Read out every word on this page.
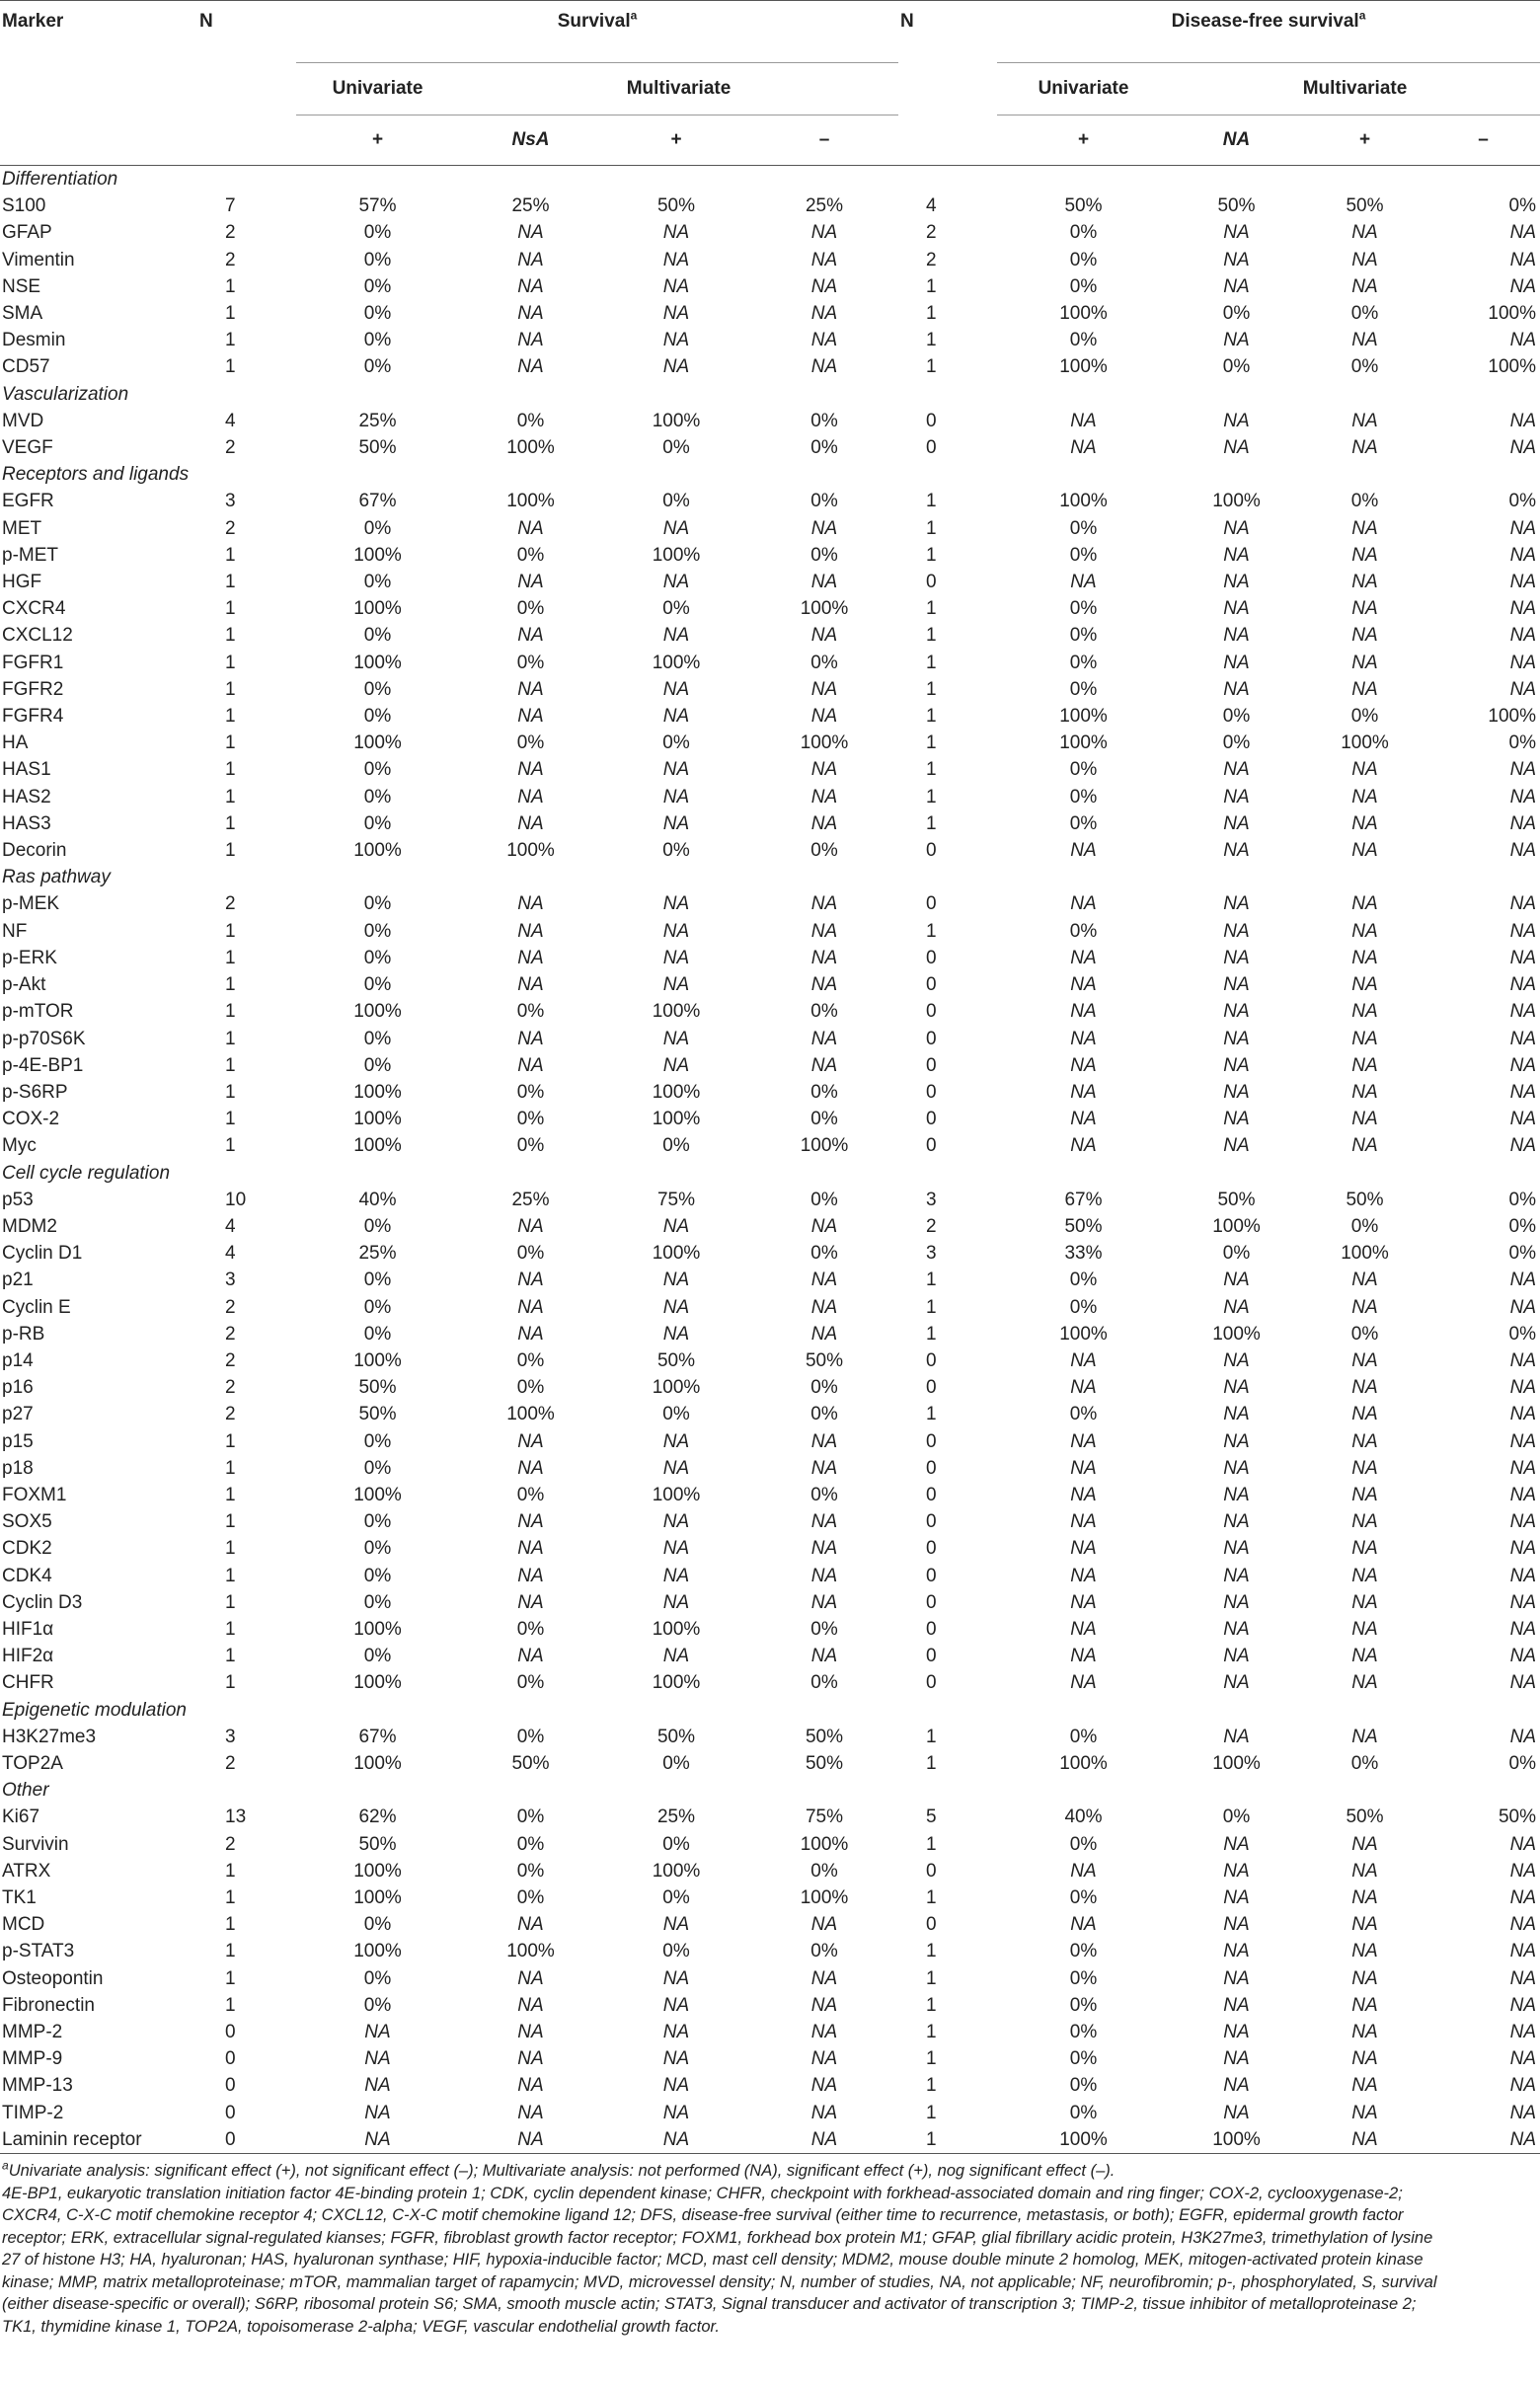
Marker	N	Survival$^a$				N	Disease-free survival$^a$
		Univariate	Multivariate				Univariate	Multivariate		
		+	NsA	+	–		+	NA	+	–
Differentiation										
S100	7	57%	25%	50%	25%	4	50%	50%	50%	0%
GFAP	2	0%	NA	NA	NA	2	0%	NA	NA	NA
Vimentin	2	0%	NA	NA	NA	2	0%	NA	NA	NA
NSE	1	0%	NA	NA	NA	1	0%	NA	NA	NA
SMA	1	0%	NA	NA	NA	1	100%	0%	0%	100%
Desmin	1	0%	NA	NA	NA	1	0%	NA	NA	NA
CD57	1	0%	NA	NA	NA	1	100%	0%	0%	100%
Vascularization										
MVD	4	25%	0%	100%	0%	0	NA	NA	NA	NA
VEGF	2	50%	100%	0%	0%	0	NA	NA	NA	NA
Receptors and ligands										
EGFR	3	67%	100%	0%	0%	1	100%	100%	0%	0%
MET	2	0%	NA	NA	NA	1	0%	NA	NA	NA
p-MET	1	100%	0%	100%	0%	1	0%	NA	NA	NA
HGF	1	0%	NA	NA	NA	0	NA	NA	NA	NA
CXCR4	1	100%	0%	0%	100%	1	0%	NA	NA	NA
CXCL12	1	0%	NA	NA	NA	1	0%	NA	NA	NA
FGFR1	1	100%	0%	100%	0%	1	0%	NA	NA	NA
FGFR2	1	0%	NA	NA	NA	1	0%	NA	NA	NA
FGFR4	1	0%	NA	NA	NA	1	100%	0%	0%	100%
HA	1	100%	0%	0%	100%	1	100%	0%	100%	0%
HAS1	1	0%	NA	NA	NA	1	0%	NA	NA	NA
HAS2	1	0%	NA	NA	NA	1	0%	NA	NA	NA
HAS3	1	0%	NA	NA	NA	1	0%	NA	NA	NA
Decorin	1	100%	100%	0%	0%	0	NA	NA	NA	NA
Ras pathway										
p-MEK	2	0%	NA	NA	NA	0	NA	NA	NA	NA
NF	1	0%	NA	NA	NA	1	0%	NA	NA	NA
p-ERK	1	0%	NA	NA	NA	0	NA	NA	NA	NA
p-Akt	1	0%	NA	NA	NA	0	NA	NA	NA	NA
p-mTOR	1	100%	0%	100%	0%	0	NA	NA	NA	NA
p-p70S6K	1	0%	NA	NA	NA	0	NA	NA	NA	NA
p-4E-BP1	1	0%	NA	NA	NA	0	NA	NA	NA	NA
p-S6RP	1	100%	0%	100%	0%	0	NA	NA	NA	NA
COX-2	1	100%	0%	100%	0%	0	NA	NA	NA	NA
Myc	1	100%	0%	0%	100%	0	NA	NA	NA	NA
Cell cycle regulation										
p53	10	40%	25%	75%	0%	3	67%	50%	50%	0%
MDM2	4	0%	NA	NA	NA	2	50%	100%	0%	0%
Cyclin D1	4	25%	0%	100%	0%	3	33%	0%	100%	0%
p21	3	0%	NA	NA	NA	1	0%	NA	NA	NA
Cyclin E	2	0%	NA	NA	NA	1	0%	NA	NA	NA
p-RB	2	0%	NA	NA	NA	1	100%	100%	0%	0%
p14	2	100%	0%	50%	50%	0	NA	NA	NA	NA
p16	2	50%	0%	100%	0%	0	NA	NA	NA	NA
p27	2	50%	100%	0%	0%	1	0%	NA	NA	NA
p15	1	0%	NA	NA	NA	0	NA	NA	NA	NA
p18	1	0%	NA	NA	NA	0	NA	NA	NA	NA
FOXM1	1	100%	0%	100%	0%	0	NA	NA	NA	NA
SOX5	1	0%	NA	NA	NA	0	NA	NA	NA	NA
CDK2	1	0%	NA	NA	NA	0	NA	NA	NA	NA
CDK4	1	0%	NA	NA	NA	0	NA	NA	NA	NA
Cyclin D3	1	0%	NA	NA	NA	0	NA	NA	NA	NA
HIF1α	1	100%	0%	100%	0%	0	NA	NA	NA	NA
HIF2α	1	0%	NA	NA	NA	0	NA	NA	NA	NA
CHFR	1	100%	0%	100%	0%	0	NA	NA	NA	NA
Epigenetic modulation										
H3K27me3	3	67%	0%	50%	50%	1	0%	NA	NA	NA
TOP2A	2	100%	50%	0%	50%	1	100%	100%	0%	0%
Other										
Ki67	13	62%	0%	25%	75%	5	40%	0%	50%	50%
Survivin	2	50%	0%	0%	100%	1	0%	NA	NA	NA
ATRX	1	100%	0%	100%	0%	0	NA	NA	NA	NA
TK1	1	100%	0%	0%	100%	1	0%	NA	NA	NA
MCD	1	0%	NA	NA	NA	0	NA	NA	NA	NA
p-STAT3	1	100%	100%	0%	0%	1	0%	NA	NA	NA
Osteopontin	1	0%	NA	NA	NA	1	0%	NA	NA	NA
Fibronectin	1	0%	NA	NA	NA	1	0%	NA	NA	NA
MMP-2	0	NA	NA	NA	NA	1	0%	NA	NA	NA
MMP-9	0	NA	NA	NA	NA	1	0%	NA	NA	NA
MMP-13	0	NA	NA	NA	NA	1	0%	NA	NA	NA
TIMP-2	0	NA	NA	NA	NA	1	0%	NA	NA	NA
Laminin receptor	0	NA	NA	NA	NA	1	100%	100%	NA	NA

$^a$Univariate analysis: significant effect (+), not significant effect (–); Multivariate analysis: not performed (NA), significant effect (+), nog significant effect (–).

4E-BP1, eukaryotic translation initiation factor 4E-binding protein 1; CDK, cyclin dependent kinase; CHFR, checkpoint with forkhead-associated domain and ring finger; COX-2, cyclooxygenase-2; CXCR4, C-X-C motif chemokine receptor 4; CXCL12, C-X-C motif chemokine ligand 12; DFS, disease-free survival (either time to recurrence, metastasis, or both); EGFR, epidermal growth factor receptor; ERK, extracellular signal-regulated kianses; FGFR, fibroblast growth factor receptor; FOXM1, forkhead box protein M1; GFAP, glial fibrillary acidic protein, H3K27me3, trimethylation of lysine 27 of histone H3; HA, hyaluronan; HAS, hyaluronan synthase; HIF, hypoxia-inducible factor; MCD, mast cell density; MDM2, mouse double minute 2 homolog, MEK, mitogen-activated protein kinase kinase; MMP, matrix metalloproteinase; mTOR, mammalian target of rapamycin; MVD, microvessel density; N, number of studies, NA, not applicable; NF, neurofibromin; p-, phosphorylated, S, survival (either disease-specific or overall); S6RP, ribosomal protein S6; SMA, smooth muscle actin; STAT3, Signal transducer and activator of transcription 3; TIMP-2, tissue inhibitor of metalloproteinase 2; TK1, thymidine kinase 1, TOP2A, topoisomerase 2-alpha; VEGF, vascular endothelial growth factor.
